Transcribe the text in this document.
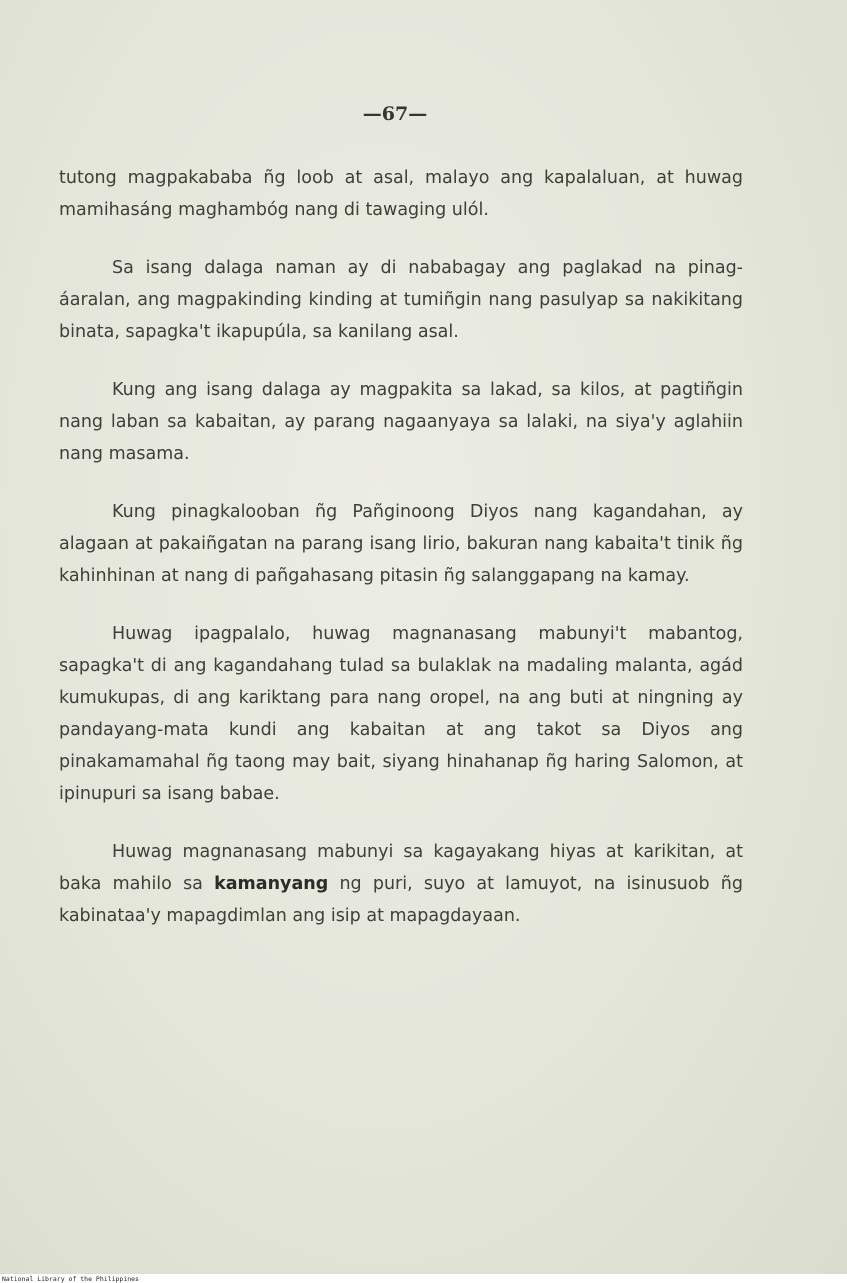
—67—

tutong magpakababa ñg loob at asal, malayo ang kapalaluan, at huwag mamihasáng maghambóg nang di tawaging ulól.

Sa isang dalaga naman ay di nababagay ang paglakad na pinag-áaralan, ang magpakinding kinding at tumiñgin nang pasulyap sa nakikitang binata, sapagka't ikapupúla, sa kanilang asal.

Kung ang isang dalaga ay magpakita sa lakad, sa kilos, at pagtiñgin nang laban sa kabaitan, ay parang nagaanyaya sa lalaki, na siya'y aglahiin nang masama.

Kung pinagkalooban ñg Pañginoong Diyos nang kagandahan, ay alagaan at pakaiñgatan na parang isang lirio, bakuran nang kabaita't tinik ñg kahinhinan at nang di pañgahasang pitasin ñg salanggapang na kamay.

Huwag ipagpalalo, huwag magnanasang mabunyi't mabantog, sapagka't di ang kagandahang tulad sa bulaklak na madaling malanta, agád kumukupas, di ang kariktang para nang oropel, na ang buti at ningning ay pandayang-mata kundi ang kabaitan at ang takot sa Diyos ang pinakamamahal ñg taong may bait, siyang hinahanap ñg haring Salomon, at ipinupuri sa isang babae.

Huwag magnanasang mabunyi sa kagayakang hiyas at karikitan, at baka mahilo sa kamanyang ng puri, suyo at lamuyot, na isinusuob ñg kabinataa'y mapagdimlan ang isip at mapagdayaan.

National Library of the Philippines
